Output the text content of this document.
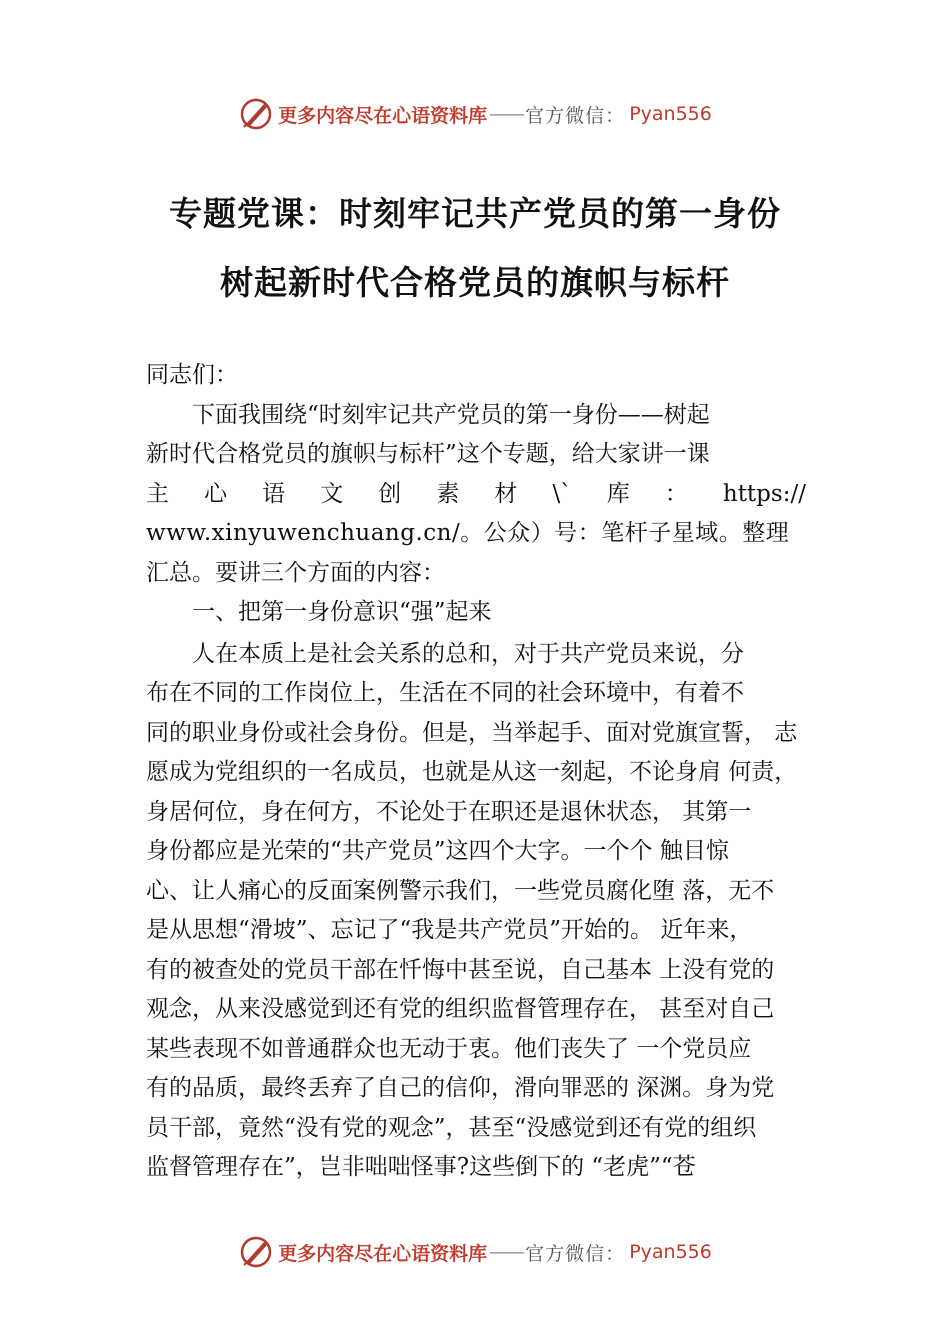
更多内容尽在心语资料库 —— 官方微信： Pyan556
专题党课：时刻牢记共产党员的第一身份
树起新时代合格党员的旗帜与标杆
同志们：
　　下面我围绕“时刻牢记共产党员的第一身份——树起
新时代合格党员的旗帜与标杆”这个专题，给大家讲一课
主 心 语 文 创 素 材 \` 库 ： https://
www.xinyuwenchuang.cn/。公众）号：笔杆子星域。整理
汇总。要讲三个方面的内容：
　　一、把第一身份意识“强”起来
　　人在本质上是社会关系的总和，对于共产党员来说，分
布在不同的工作岗位上，生活在不同的社会环境中，有着不
同的职业身份或社会身份。但是，当举起手、面对党旗宣誓， 志
愿成为党组织的一名成员，也就是从这一刻起，不论身肩 何责，
身居何位，身在何方，不论处于在职还是退休状态， 其第一
身份都应是光荣的“共产党员”这四个大字。一个个 触目惊
心、让人痛心的反面案例警示我们，一些党员腐化堕 落，无不
是从思想“滑坡”、忘记了“我是共产党员”开始的。 近年来，
有的被查处的党员干部在忏悔中甚至说，自己基本 上没有党的
观念，从来没感觉到还有党的组织监督管理存在， 甚至对自己
某些表现不如普通群众也无动于衷。他们丧失了 一个党员应
有的品质，最终丢弃了自己的信仰，滑向罪恶的 深渊。身为党
员干部，竟然“没有党的观念”，甚至“没感觉到还有党的组织
监督管理存在”，岂非咄咄怪事?这些倒下的 “老虎”“苍
更多内容尽在心语资料库 —— 官方微信： Pyan556
